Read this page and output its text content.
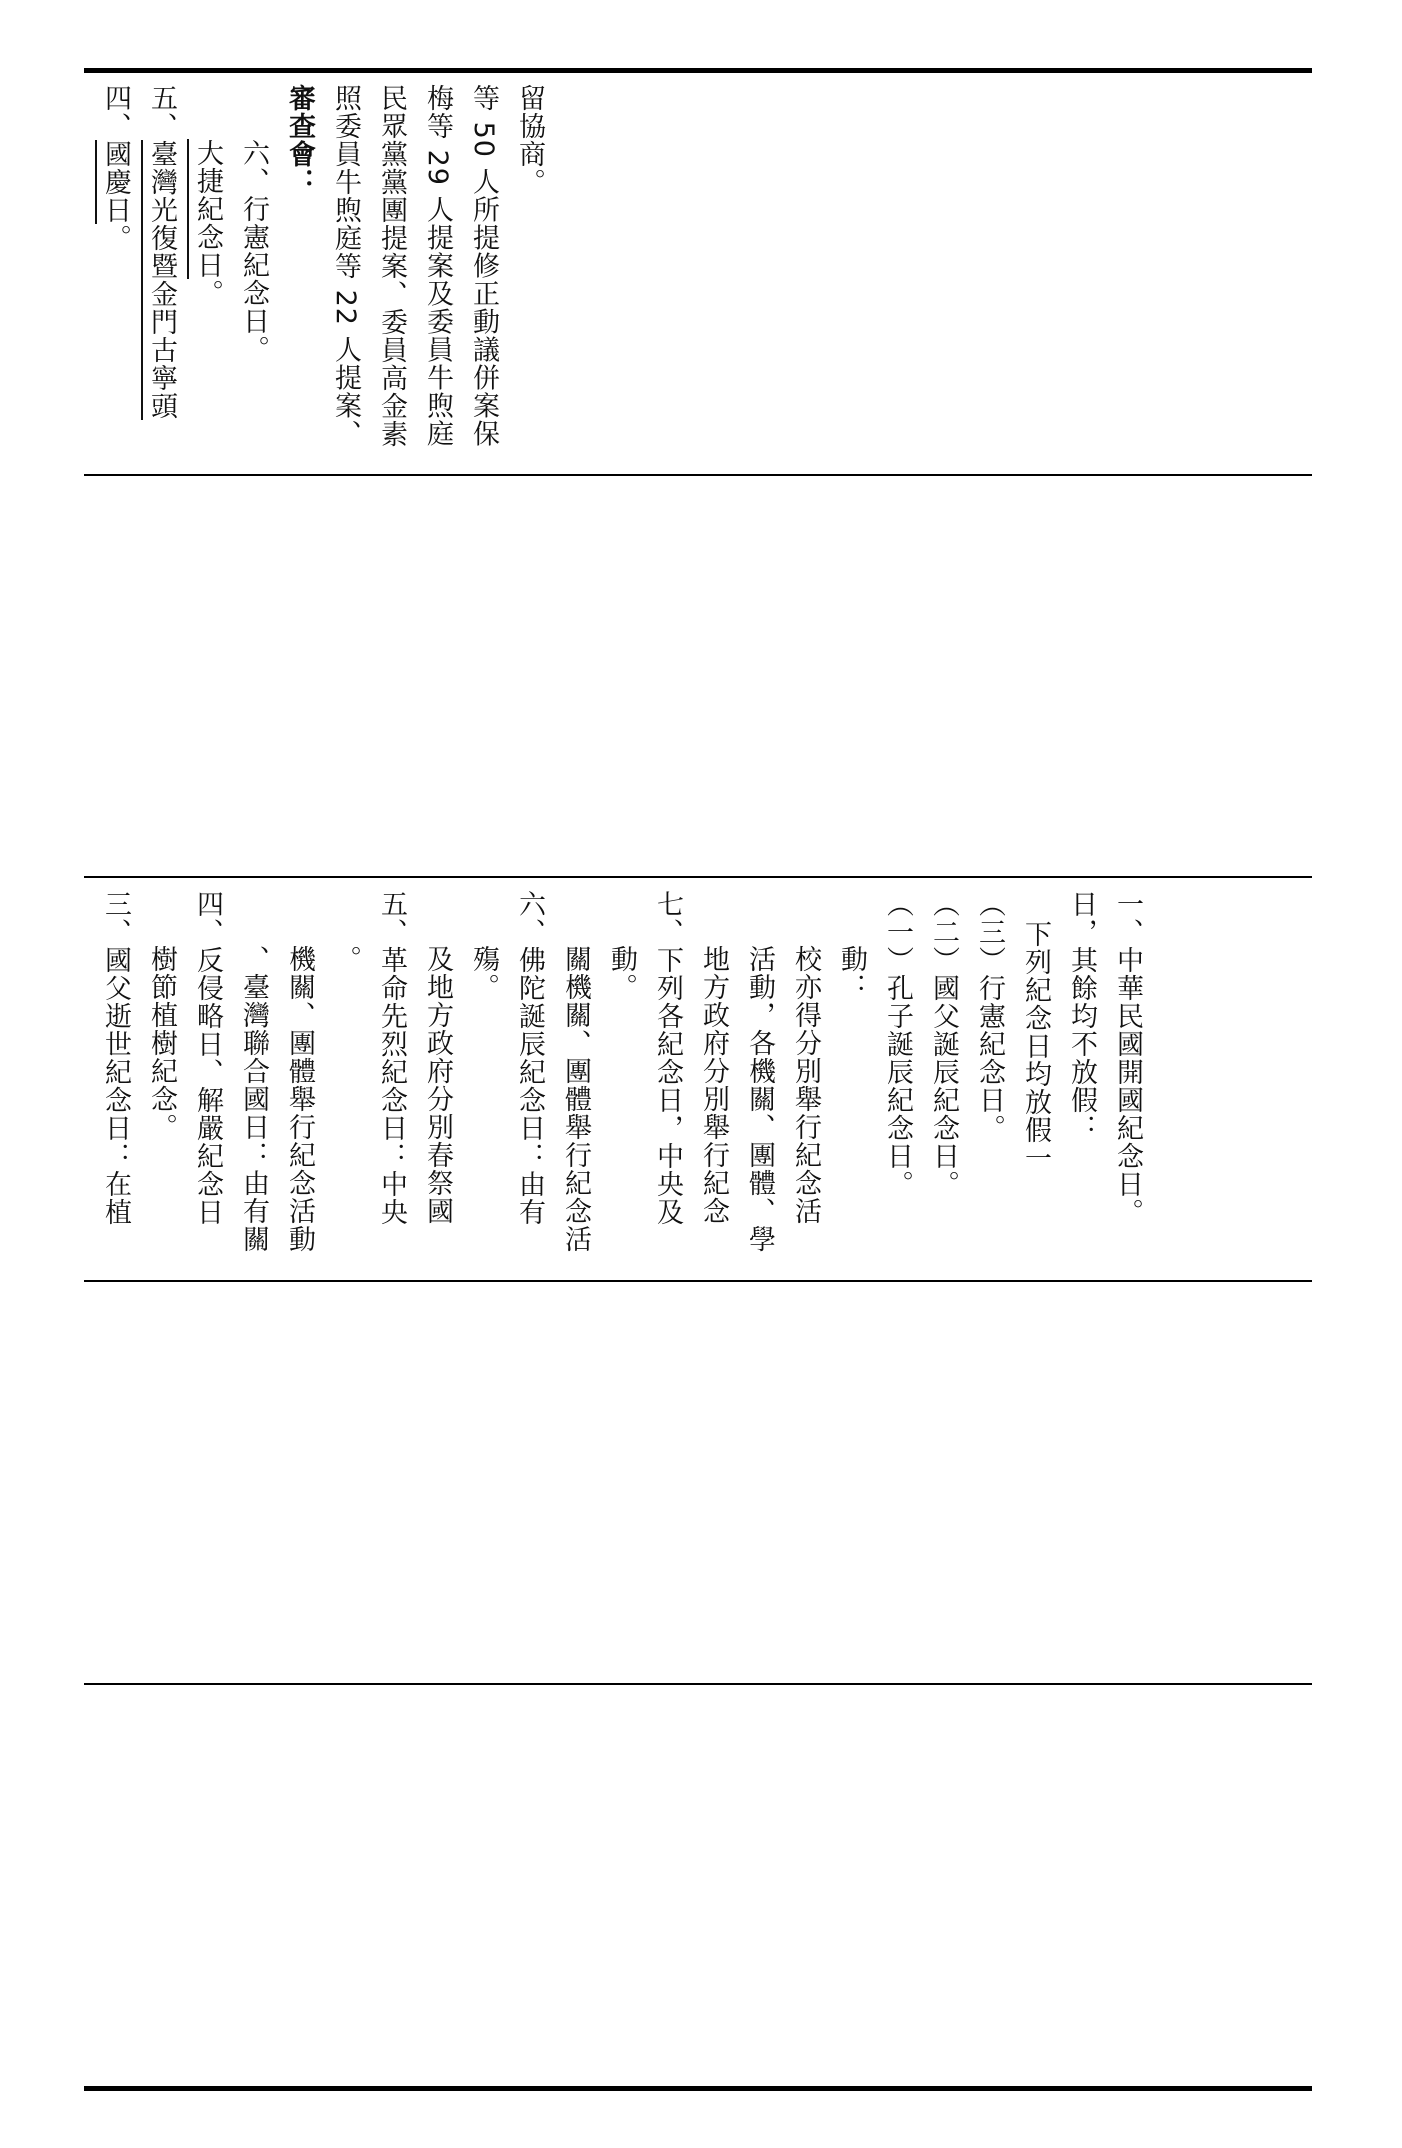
四、國慶日。
五、臺灣光復暨金門古寧頭 大捷紀念日。
六、行憲紀念日。
審查會： 照委員牛煦庭等 22 人提案、 民眾黨黨團提案、委員高金素 梅等 29 人提案及委員牛煦庭 等 50 人所提修正動議併案保 留協商。
三、國父逝世紀念日：在植 樹節植樹紀念。 四、反侵略日、解嚴紀念日 、臺灣聯合國日：由有關 機關、團體舉行紀念活動 。 五、革命先烈紀念日：中央 及地方政府分別春祭國 殤。 六、佛陀誕辰紀念日：由有 關機關、團體舉行紀念活 動。 七、下列各紀念日，中央及 地方政府分別舉行紀念 活動，各機關、團體、學 校亦得分別舉行紀念活 動： （一）孔子誕辰紀念日。 （二）國父誕辰紀念日。 （三）行憲紀念日。 下列紀念日均放假一 日，其餘均不放假： 一、中華民國開國紀念日。
